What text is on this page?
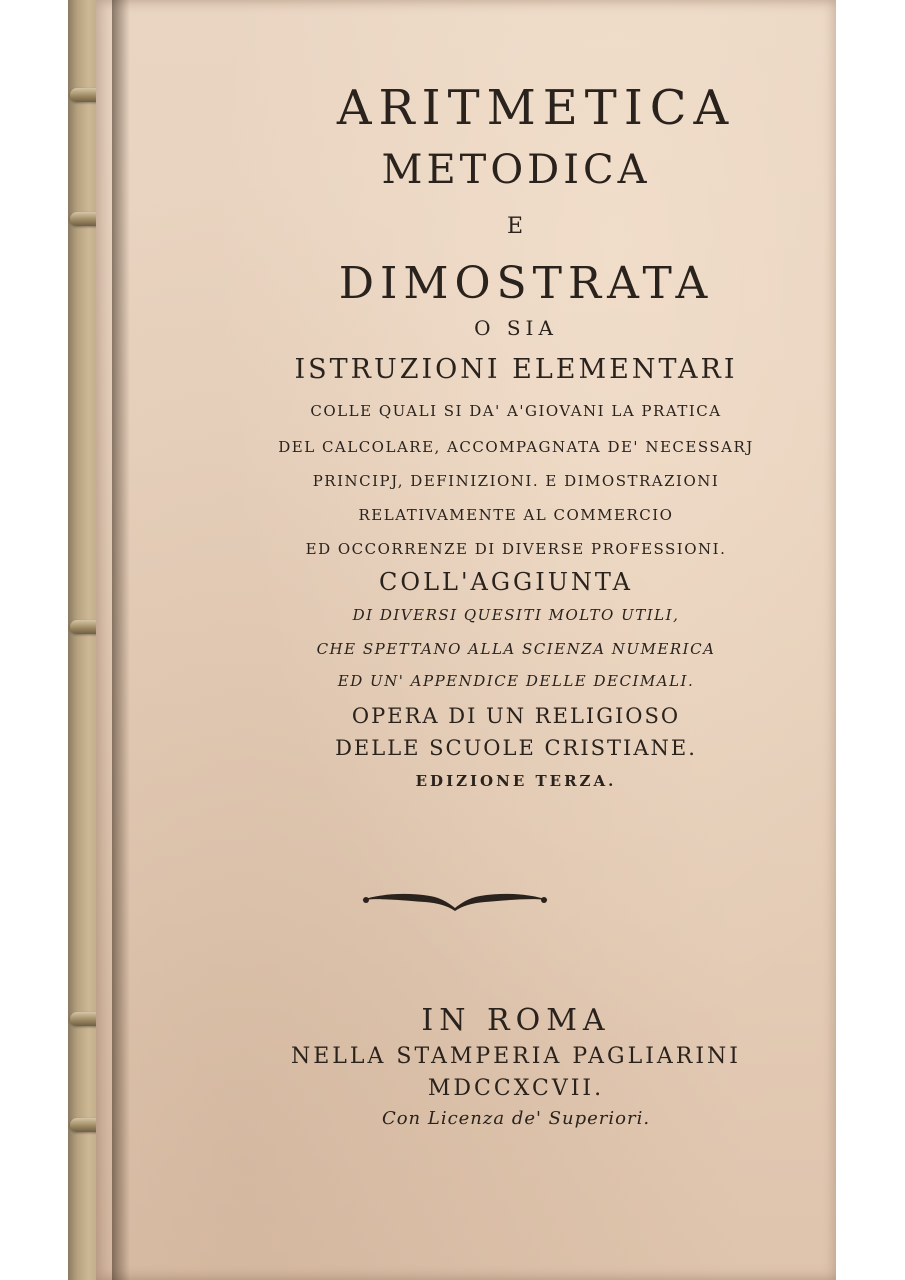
ARITMETICA
METODICA
E
DIMOSTRATA
O SIA
ISTRUZIONI ELEMENTARI
COLLE QUALI SI DA' A'GIOVANI LA PRATICA
DEL CALCOLARE, ACCOMPAGNATA DE' NECESSARJ
PRINCIPJ, DEFINIZIONI. E DIMOSTRAZIONI
RELATIVAMENTE AL COMMERCIO
ED OCCORRENZE DI DIVERSE PROFESSIONI.
COLL'AGGIUNTA
DI DIVERSI QUESITI MOLTO UTILI,
CHE SPETTANO ALLA SCIENZA NUMERICA
ED UN' APPENDICE DELLE DECIMALI.
OPERA DI UN RELIGIOSO
DELLE SCUOLE CRISTIANE.
EDIZIONE TERZA.
IN ROMA
NELLA STAMPERIA PAGLIARINI
MDCCXCVII.
Con Licenza de' Superiori.
